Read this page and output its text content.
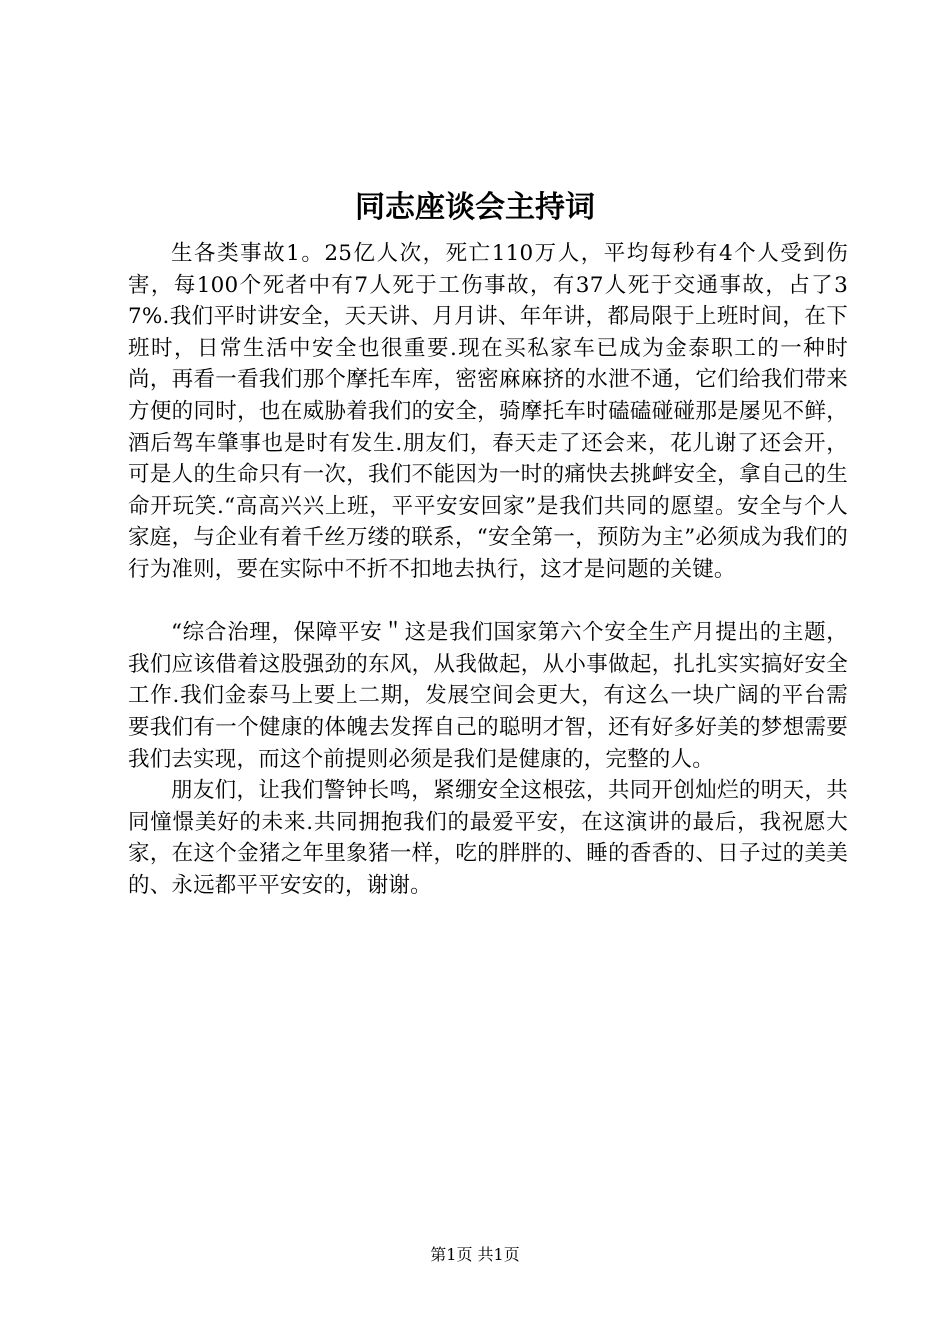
同志座谈会主持词

生各类事故1。25亿人次，死亡110万人，平均每秒有4个人受到伤害，每100个死者中有7人死于工伤事故，有37人死于交通事故，占了37%.我们平时讲安全，天天讲、月月讲、年年讲，都局限于上班时间，在下班时，日常生活中安全也很重要.现在买私家车已成为金泰职工的一种时尚，再看一看我们那个摩托车库，密密麻麻挤的水泄不通，它们给我们带来方便的同时，也在威胁着我们的安全，骑摩托车时磕磕碰碰那是屡见不鲜，酒后驾车肇事也是时有发生.朋友们，春天走了还会来，花儿谢了还会开，可是人的生命只有一次，我们不能因为一时的痛快去挑衅安全，拿自己的生命开玩笑.“高高兴兴上班，平平安安回家”是我们共同的愿望。安全与个人家庭，与企业有着千丝万缕的联系，“安全第一，预防为主”必须成为我们的行为准则，要在实际中不折不扣地去执行，这才是问题的关键。

“综合治理，保障平安＂这是我们国家第六个安全生产月提出的主题，我们应该借着这股强劲的东风，从我做起，从小事做起，扎扎实实搞好安全工作.我们金泰马上要上二期，发展空间会更大，有这么一块广阔的平台需要我们有一个健康的体魄去发挥自己的聪明才智，还有好多好美的梦想需要我们去实现，而这个前提则必须是我们是健康的，完整的人。

朋友们，让我们警钟长鸣，紧绷安全这根弦，共同开创灿烂的明天，共同憧憬美好的未来.共同拥抱我们的最爱平安，在这演讲的最后，我祝愿大家，在这个金猪之年里象猪一样，吃的胖胖的、睡的香香的、日子过的美美的、永远都平平安安的，谢谢。

第1页 共1页
